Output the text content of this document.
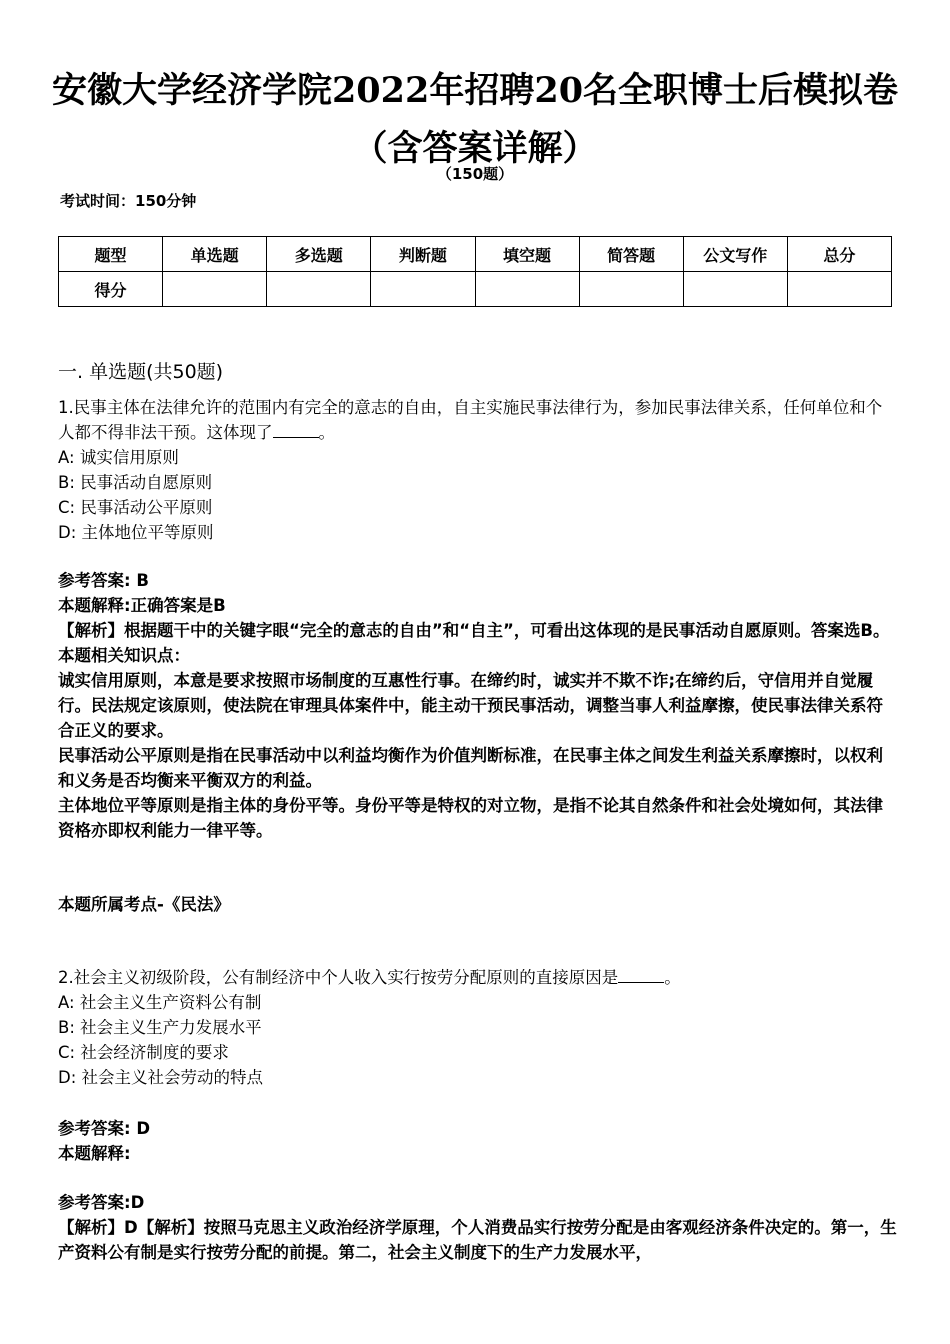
安徽大学经济学院2022年招聘20名全职博士后模拟卷（含答案详解）
（150题）
考试时间：150分钟
题型	单选题	多选题	判断题	填空题	简答题	公文写作	总分
得分							
一. 单选题(共50题)

1.民事主体在法律允许的范围内有完全的意志的自由，自主实施民事法律行为，参加民事法律关系，任何单位和个人都不得非法干预。这体现了	。

A: 诚实信用原则

B: 民事活动自愿原则

C: 民事活动公平原则

D: 主体地位平等原则

参考答案: B

本题解释:正确答案是B

【解析】根据题干中的关键字眼“完全的意志的自由”和“自主”，可看出这体现的是民事活动自愿原则。答案选B。

本题相关知识点：

诚实信用原则，本意是要求按照市场制度的互惠性行事。在缔约时，诚实并不欺不诈;在缔约后，守信用并自觉履行。民法规定该原则，使法院在审理具体案件中，能主动干预民事活动，调整当事人利益摩擦，使民事法律关系符合正义的要求。

民事活动公平原则是指在民事活动中以利益均衡作为价值判断标准，在民事主体之间发生利益关系摩擦时，以权利和义务是否均衡来平衡双方的利益。

主体地位平等原则是指主体的身份平等。身份平等是特权的对立物，是指不论其自然条件和社会处境如何，其法律资格亦即权利能力一律平等。

本题所属考点-《民法》

2.社会主义初级阶段，公有制经济中个人收入实行按劳分配原则的直接原因是	。

A: 社会主义生产资料公有制

B: 社会主义生产力发展水平

C: 社会经济制度的要求

D: 社会主义社会劳动的特点

参考答案: D

本题解释:

参考答案:D

【解析】D【解析】按照马克思主义政治经济学原理，个人消费品实行按劳分配是由客观经济条件决定的。第一，生产资料公有制是实行按劳分配的前提。第二，社会主义制度下的生产力发展水平，
